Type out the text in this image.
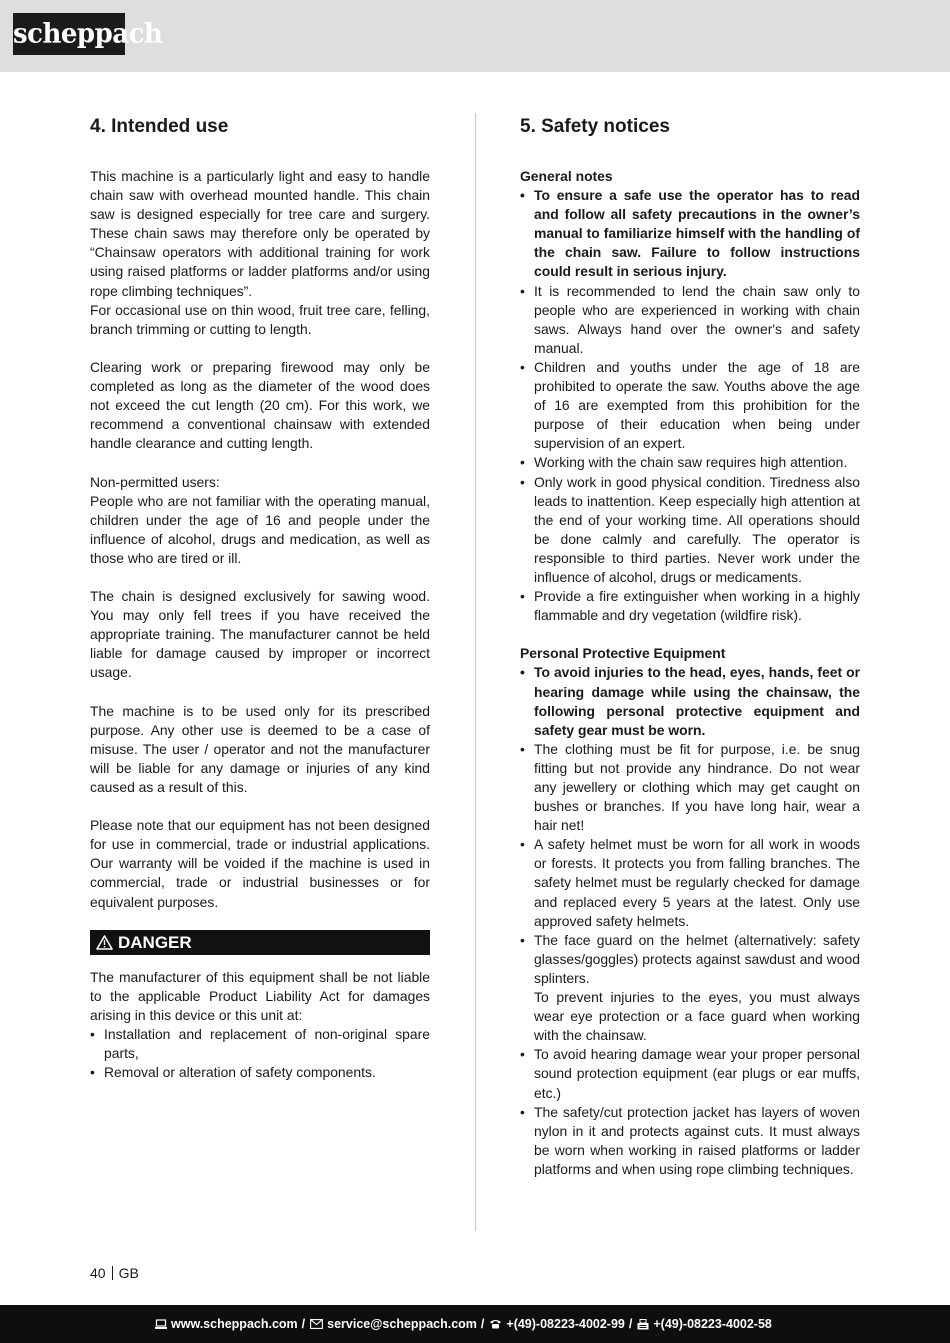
scheppach
4. Intended use

This machine is a particularly light and easy to handle chain saw with overhead mounted handle. This chain saw is designed especially for tree care and surgery. These chain saws may therefore only be operated by “Chainsaw operators with additional training for work using raised platforms or ladder platforms and/or using rope climbing techniques”.

For occasional use on thin wood, fruit tree care, felling, branch trimming or cutting to length.

Clearing work or preparing firewood may only be completed as long as the diameter of the wood does not exceed the cut length (20 cm). For this work, we recommend a conventional chainsaw with extended handle clearance and cutting length.

Non-permitted users:

People who are not familiar with the operating manual, children under the age of 16 and people under the influence of alcohol, drugs and medication, as well as those who are tired or ill.

The chain is designed exclusively for sawing wood. You may only fell trees if you have received the appropriate training. The manufacturer cannot be held liable for damage caused by improper or incorrect usage.

The machine is to be used only for its prescribed purpose. Any other use is deemed to be a case of misuse. The user / operator and not the manufacturer will be liable for any damage or injuries of any kind caused as a result of this.

Please note that our equipment has not been designed for use in commercial, trade or industrial applications. Our warranty will be voided if the machine is used in commercial, trade or industrial businesses or for equivalent purposes.

DANGER

The manufacturer of this equipment shall be not liable to the applicable Product Liability Act for damages arising in this device or this unit at:

• Installation and replacement of non-original spare parts,
• Removal or alteration of safety components.
5. Safety notices

General notes

• To ensure a safe use the operator has to read and follow all safety precautions in the owner’s manual to familiarize himself with the handling of the chain saw. Failure to follow instructions could result in serious injury.
• It is recommended to lend the chain saw only to people who are experienced in working with chain saws. Always hand over the owner's and safety manual.
• Children and youths under the age of 18 are prohibited to operate the saw. Youths above the age of 16 are exempted from this prohibition for the purpose of their education when being under supervision of an expert.
• Working with the chain saw requires high attention.
• Only work in good physical condition. Tiredness also leads to inattention. Keep especially high attention at the end of your working time. All operations should be done calmly and carefully. The operator is responsible to third parties. Never work under the influence of alcohol, drugs or medicaments.
• Provide a fire extinguisher when working in a highly flammable and dry vegetation (wildfire risk).

Personal Protective Equipment

• To avoid injuries to the head, eyes, hands, feet or hearing damage while using the chainsaw, the following personal protective equipment and safety gear must be worn.
• The clothing must be fit for purpose, i.e. be snug fitting but not provide any hindrance. Do not wear any jewellery or clothing which may get caught on bushes or branches. If you have long hair, wear a hair net!
• A safety helmet must be worn for all work in woods or forests. It protects you from falling branches. The safety helmet must be regularly checked for damage and replaced every 5 years at the latest. Only use approved safety helmets.
• The face guard on the helmet (alternatively: safety glasses/goggles) protects against sawdust and wood splinters.
To prevent injuries to the eyes, you must always wear eye protection or a face guard when working with the chainsaw.
• To avoid hearing damage wear your proper personal sound protection equipment (ear plugs or ear muffs, etc.)
• The safety/cut protection jacket has layers of woven nylon in it and protects against cuts. It must always be worn when working in raised platforms or ladder platforms and when using rope climbing techniques.
40 GB
www.scheppach.com / service@scheppach.com / +(49)-08223-4002-99 / +(49)-08223-4002-58
